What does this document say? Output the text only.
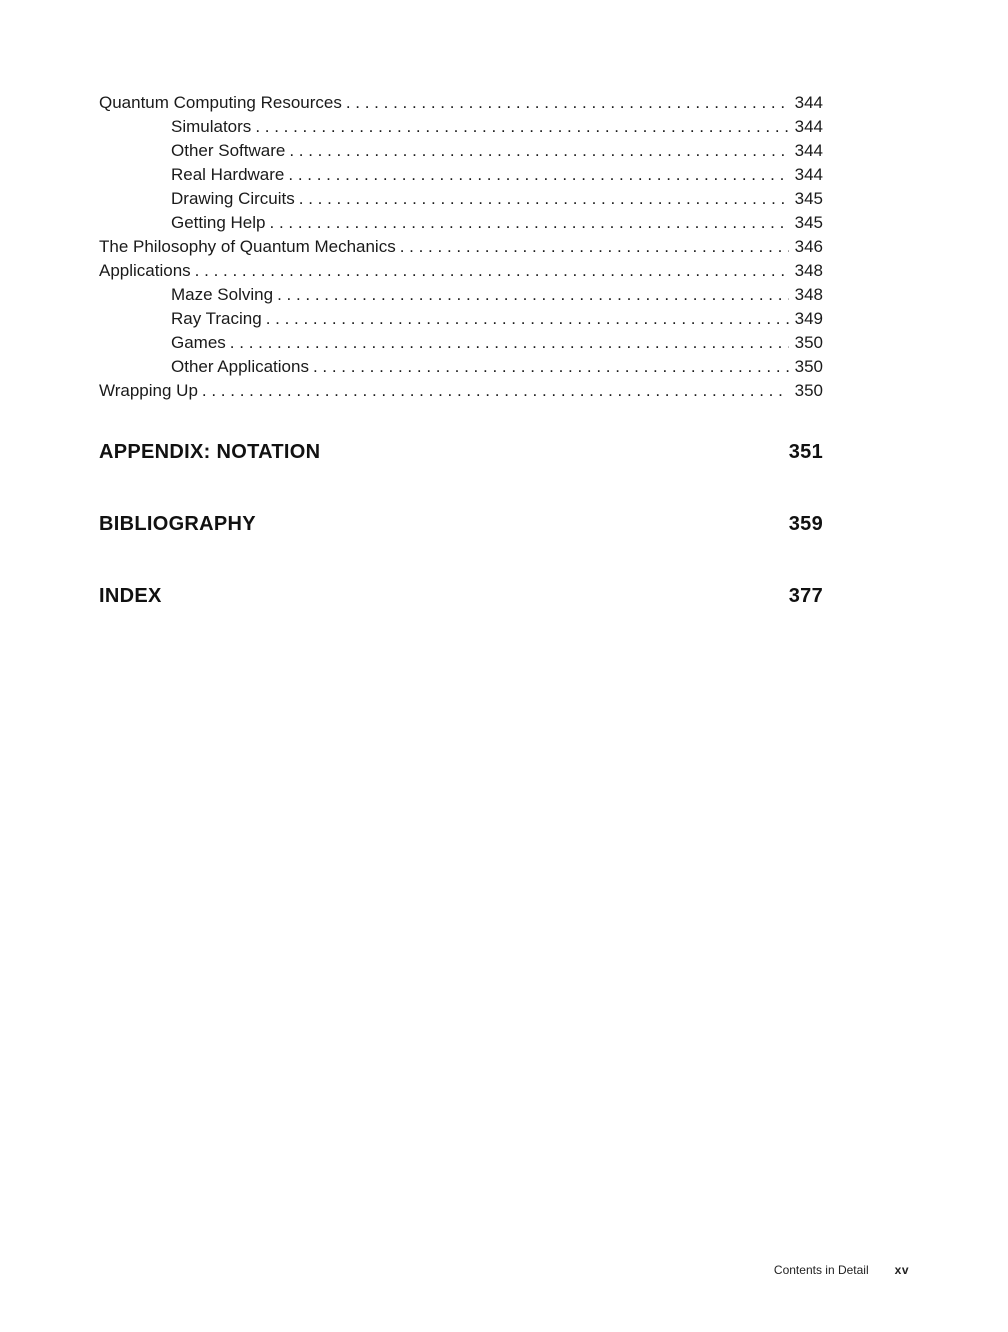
Quantum Computing Resources . . .	344
Simulators . . .	344
Other Software . . .	344
Real Hardware . . .	344
Drawing Circuits . . .	345
Getting Help . . .	345
The Philosophy of Quantum Mechanics . . .	346
Applications . . .	348
Maze Solving . . .	348
Ray Tracing . . .	349
Games . . .	350
Other Applications . . .	350
Wrapping Up . . .	350
APPENDIX: NOTATION	351
BIBLIOGRAPHY	359
INDEX	377
Contents in Detail xv
